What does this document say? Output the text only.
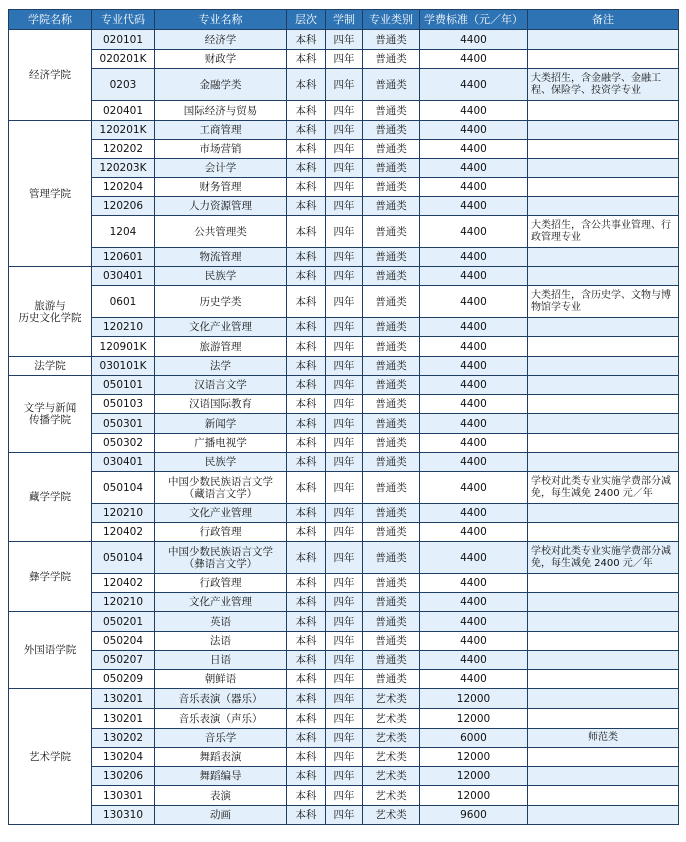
学院名称	专业代码	专业名称	层次	学制	专业类别	学费标准（元／年）	备注
经济学院	020101	经济学	本科	四年	普通类	4400	
	020201K	财政学	本科	四年	普通类	4400	
	0203	金融学类	本科	四年	普通类	4400	大类招生，含金融学、金融工程、保险学、投资学专业
	020401	国际经济与贸易	本科	四年	普通类	4400	
管理学院	120201K	工商管理	本科	四年	普通类	4400	
	120202	市场营销	本科	四年	普通类	4400	
	120203K	会计学	本科	四年	普通类	4400	
	120204	财务管理	本科	四年	普通类	4400	
	120206	人力资源管理	本科	四年	普通类	4400	
	1204	公共管理类	本科	四年	普通类	4400	大类招生，含公共事业管理、行政管理专业
	120601	物流管理	本科	四年	普通类	4400	
旅游与
历史文化学院	030401	民族学	本科	四年	普通类	4400	
	0601	历史学类	本科	四年	普通类	4400	大类招生，含历史学、文物与博物馆学专业
	120210	文化产业管理	本科	四年	普通类	4400	
	120901K	旅游管理	本科	四年	普通类	4400	
法学院	030101K	法学	本科	四年	普通类	4400	
文学与新闻
传播学院	050101	汉语言文学	本科	四年	普通类	4400	
	050103	汉语国际教育	本科	四年	普通类	4400	
	050301	新闻学	本科	四年	普通类	4400	
	050302	广播电视学	本科	四年	普通类	4400	
藏学学院	030401	民族学	本科	四年	普通类	4400	
	050104	中国少数民族语言文学（藏语言文学）	本科	四年	普通类	4400	学校对此类专业实施学费部分减免，每生减免 2400 元／年
	120210	文化产业管理	本科	四年	普通类	4400	
	120402	行政管理	本科	四年	普通类	4400	
彝学学院	050104	中国少数民族语言文学（彝语言文学）	本科	四年	普通类	4400	学校对此类专业实施学费部分减免，每生减免 2400 元／年
	120402	行政管理	本科	四年	普通类	4400	
	120210	文化产业管理	本科	四年	普通类	4400	
外国语学院	050201	英语	本科	四年	普通类	4400	
	050204	法语	本科	四年	普通类	4400	
	050207	日语	本科	四年	普通类	4400	
	050209	朝鲜语	本科	四年	普通类	4400	
艺术学院	130201	音乐表演（器乐）	本科	四年	艺术类	12000	
	130201	音乐表演（声乐）	本科	四年	艺术类	12000	
	130202	音乐学	本科	四年	艺术类	6000	师范类
	130204	舞蹈表演	本科	四年	艺术类	12000	
	130206	舞蹈编导	本科	四年	艺术类	12000	
	130301	表演	本科	四年	艺术类	12000	
	130310	动画	本科	四年	艺术类	9600	
